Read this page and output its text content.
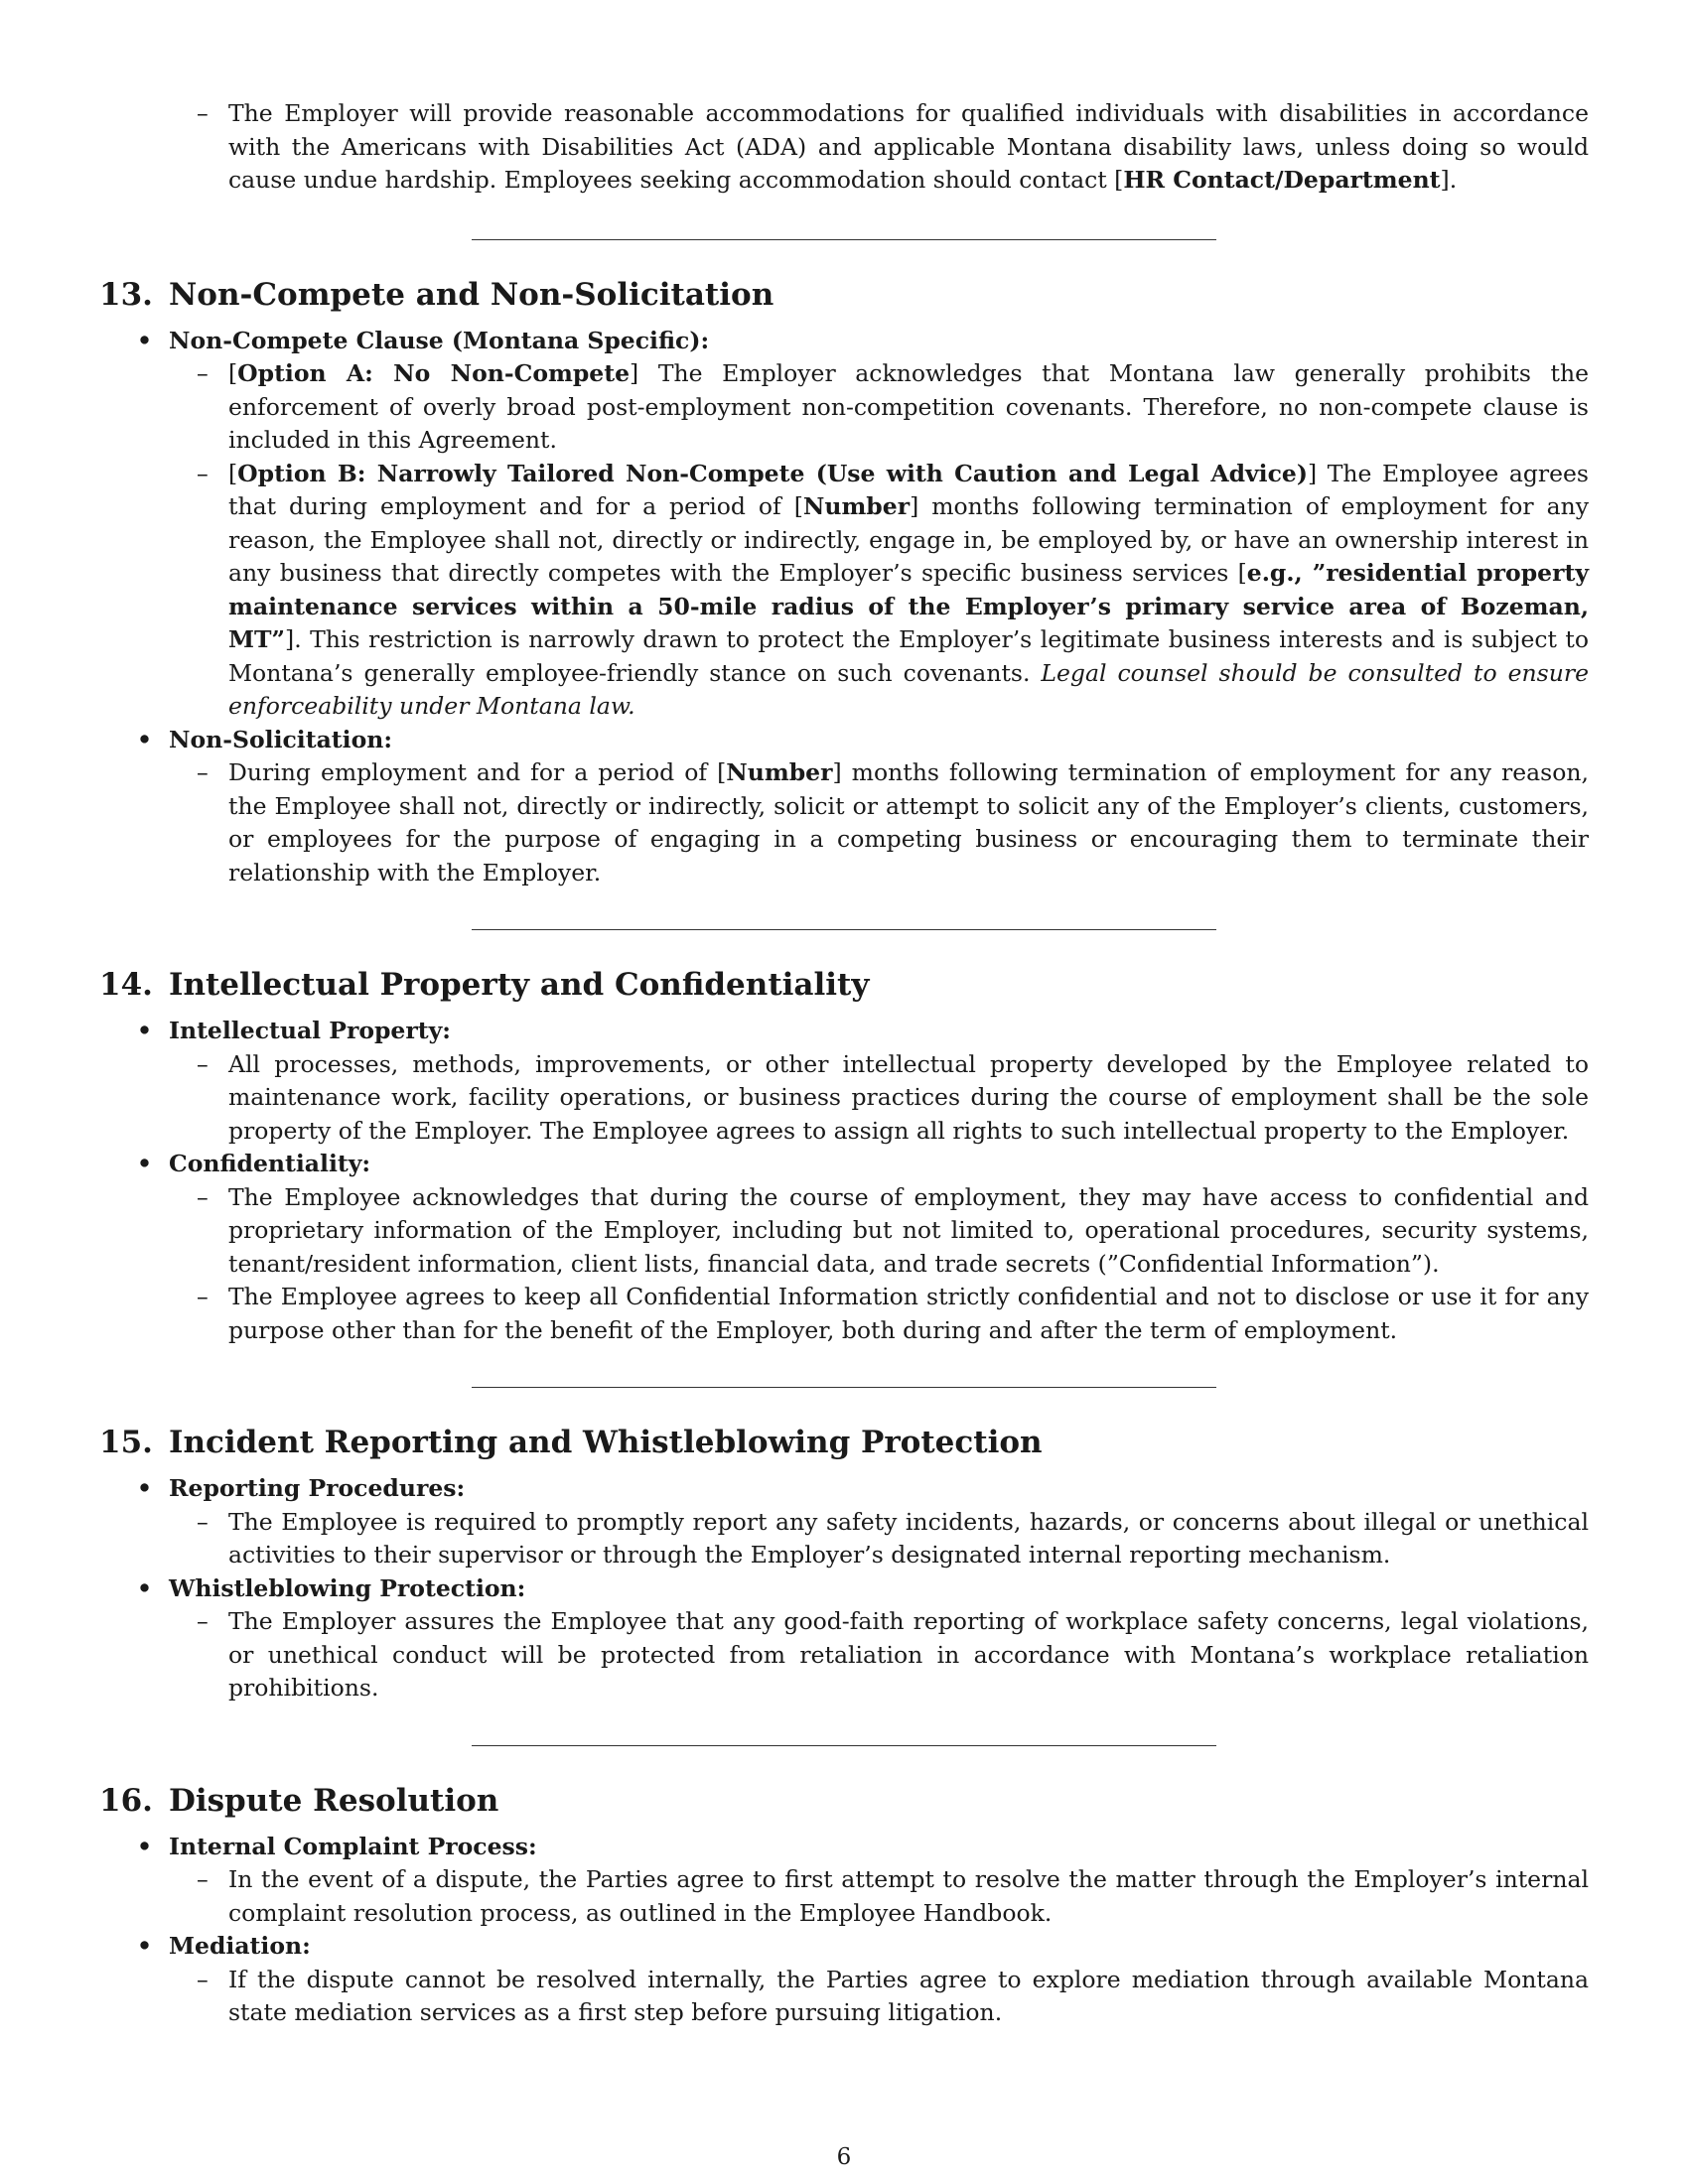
– The Employer will provide reasonable accommodations for qualified individuals with disabilities in accordance with the Americans with Disabilities Act (ADA) and applicable Montana disability laws, unless doing so would cause undue hardship. Employees seeking accommodation should contact [HR Contact/Department].
13. Non-Compete and Non-Solicitation
• Non-Compete Clause (Montana Specific):
– [Option A: No Non-Compete] The Employer acknowledges that Montana law generally prohibits the enforcement of overly broad post-employment non-competition covenants. Therefore, no non-compete clause is included in this Agreement.
– [Option B: Narrowly Tailored Non-Compete (Use with Caution and Legal Advice)] The Employee agrees that during employment and for a period of [Number] months following termination of employment for any reason, the Employee shall not, directly or indirectly, engage in, be employed by, or have an ownership interest in any business that directly competes with the Employer’s specific business services [e.g., ”residential property maintenance services within a 50-mile radius of the Employer’s primary service area of Bozeman, MT”]. This restriction is narrowly drawn to protect the Employer’s legitimate business interests and is subject to Montana’s generally employee-friendly stance on such covenants. Legal counsel should be consulted to ensure enforceability under Montana law.
• Non-Solicitation:
– During employment and for a period of [Number] months following termination of employment for any reason, the Employee shall not, directly or indirectly, solicit or attempt to solicit any of the Employer’s clients, customers, or employees for the purpose of engaging in a competing business or encouraging them to terminate their relationship with the Employer.
14. Intellectual Property and Confidentiality
• Intellectual Property:
– All processes, methods, improvements, or other intellectual property developed by the Employee related to maintenance work, facility operations, or business practices during the course of employment shall be the sole property of the Employer. The Employee agrees to assign all rights to such intellectual property to the Employer.
• Confidentiality:
– The Employee acknowledges that during the course of employment, they may have access to confidential and proprietary information of the Employer, including but not limited to, operational procedures, security systems, tenant/resident information, client lists, financial data, and trade secrets (”Confidential Information”).
– The Employee agrees to keep all Confidential Information strictly confidential and not to disclose or use it for any purpose other than for the benefit of the Employer, both during and after the term of employment.
15. Incident Reporting and Whistleblowing Protection
• Reporting Procedures:
– The Employee is required to promptly report any safety incidents, hazards, or concerns about illegal or unethical activities to their supervisor or through the Employer’s designated internal reporting mechanism.
• Whistleblowing Protection:
– The Employer assures the Employee that any good-faith reporting of workplace safety concerns, legal violations, or unethical conduct will be protected from retaliation in accordance with Montana’s workplace retaliation prohibitions.
16. Dispute Resolution
• Internal Complaint Process:
– In the event of a dispute, the Parties agree to first attempt to resolve the matter through the Employer’s internal complaint resolution process, as outlined in the Employee Handbook.
• Mediation:
– If the dispute cannot be resolved internally, the Parties agree to explore mediation through available Montana state mediation services as a first step before pursuing litigation.
6
